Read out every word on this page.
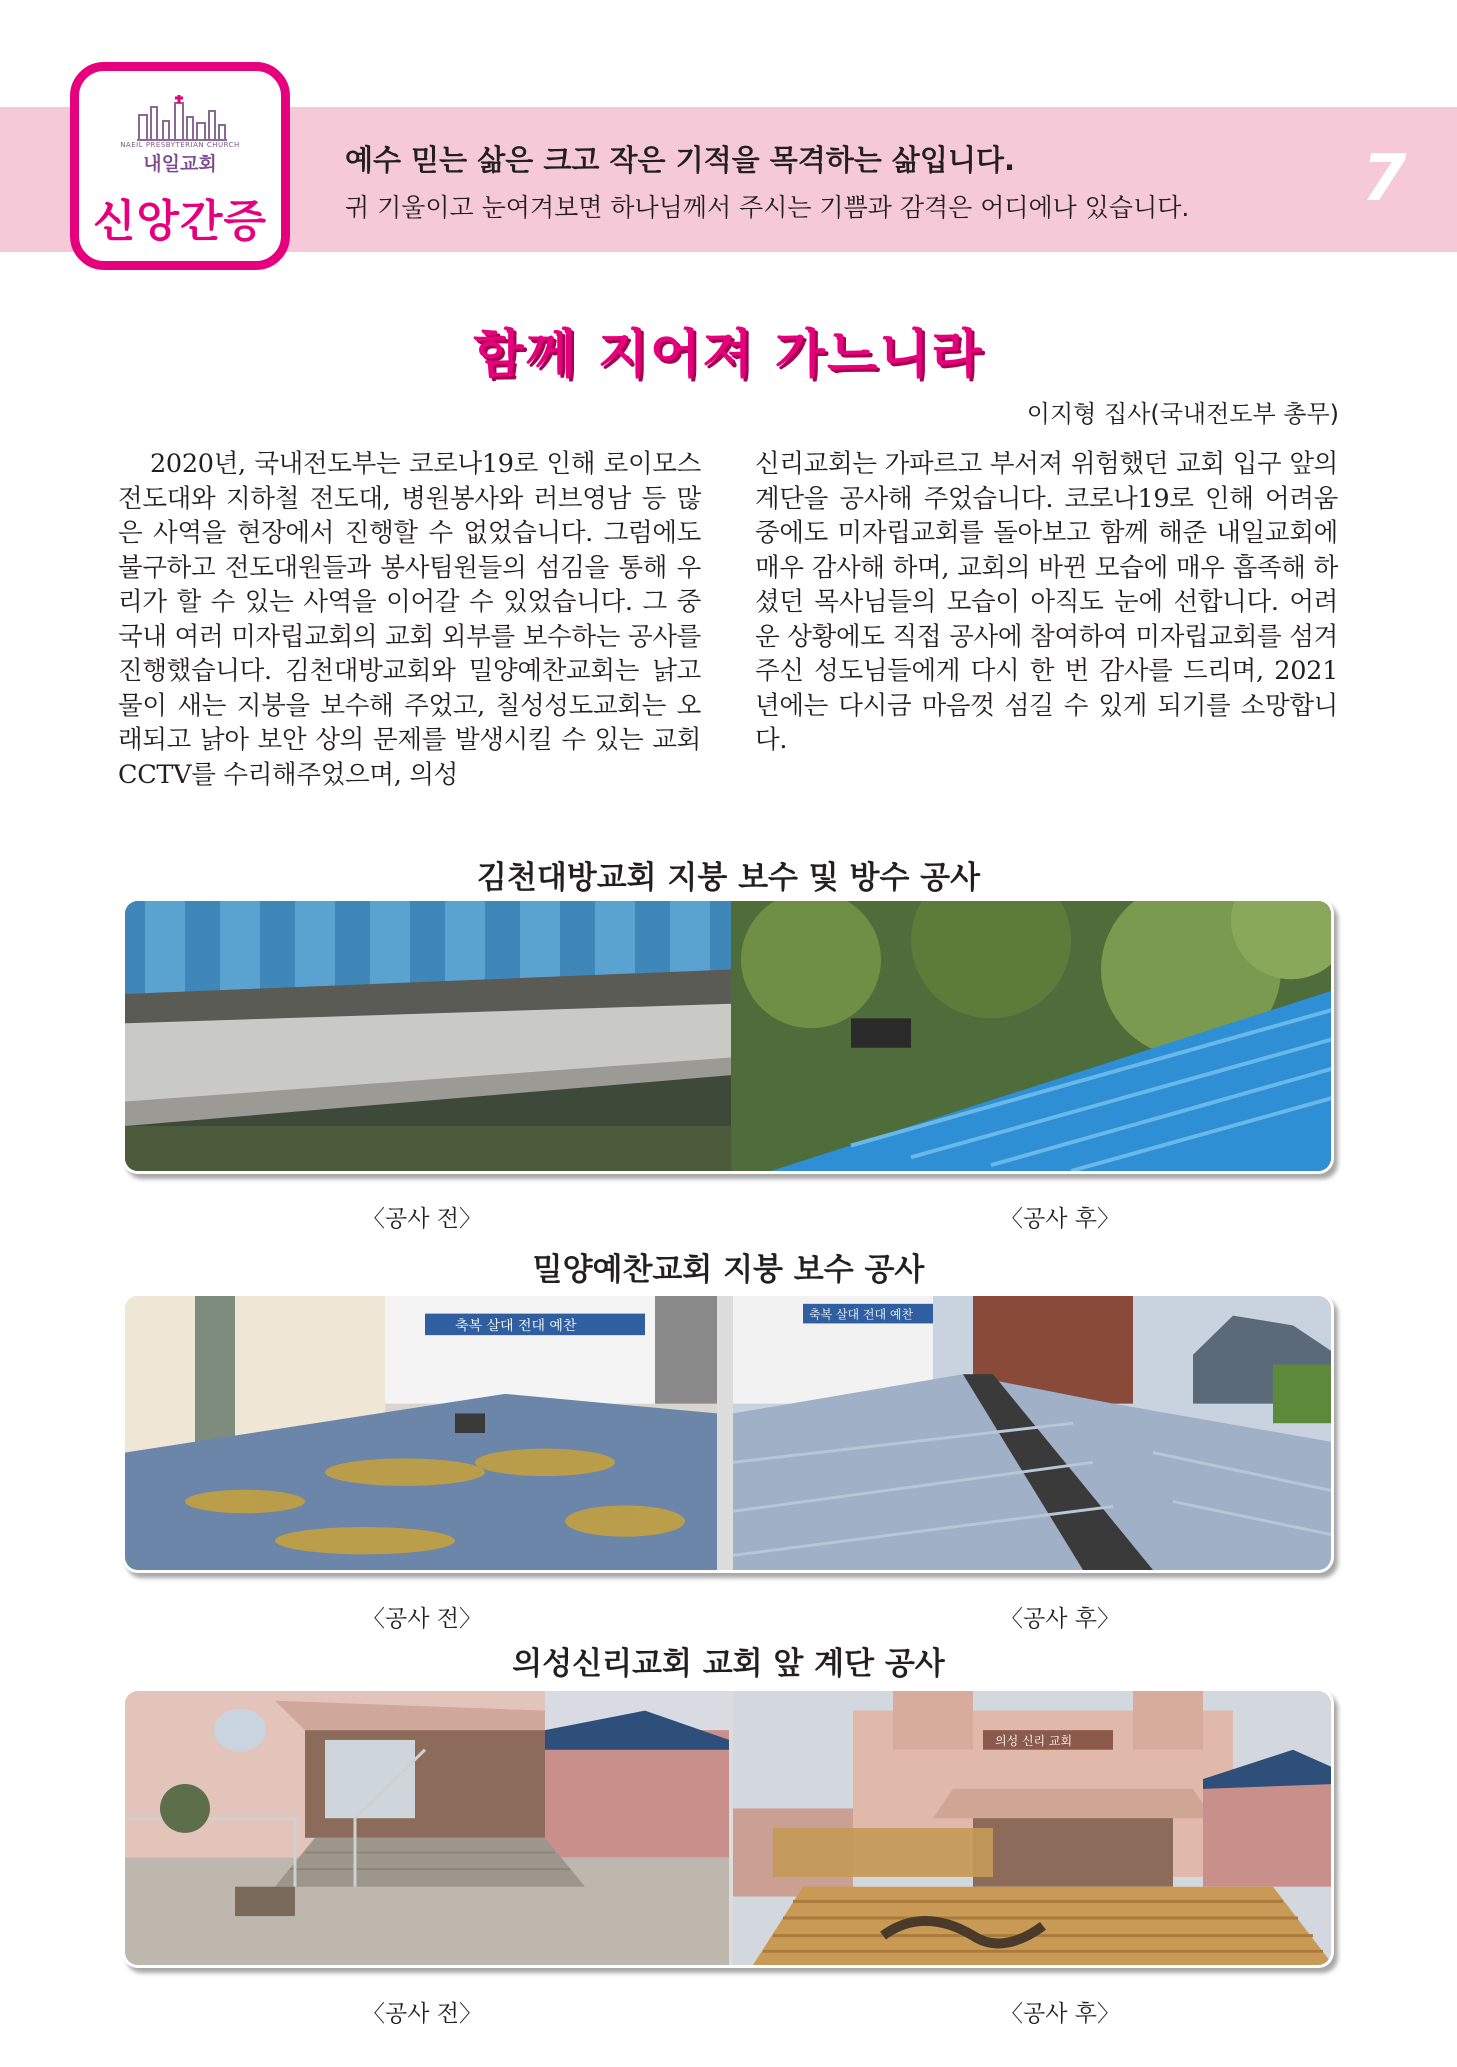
NAEIL PRESBYTERIAN CHURCH
내일교회
신앙간증
예수 믿는 삶은 크고 작은 기적을 목격하는 삶입니다.
귀 기울이고 눈여겨보면 하나님께서 주시는 기쁨과 감격은 어디에나 있습니다.	7
함께 지어져 가느니라
이지형 집사(국내전도부 총무)
2020년, 국내전도부는 코로나19로 인해 로이모스전도대와 지하철 전도대, 병원봉사와 러브영남 등 많은 사역을 현장에서 진행할 수 없었습니다. 그럼에도 불구하고 전도대원들과 봉사팀원들의 섬김을 통해 우리가 할 수 있는 사역을 이어갈 수 있었습니다. 그 중 국내 여러 미자립교회의 교회 외부를 보수하는 공사를 진행했습니다. 김천대방교회와 밀양예찬교회는 낡고 물이 새는 지붕을 보수해 주었고, 칠성성도교회는 오래되고 낡아 보안 상의 문제를 발생시킬 수 있는 교회 CCTV를 수리해주었으며, 의성
신리교회는 가파르고 부서져 위험했던 교회 입구 앞의 계단을 공사해 주었습니다. 코로나19로 인해 어려움 중에도 미자립교회를 돌아보고 함께 해준 내일교회에 매우 감사해 하며, 교회의 바뀐 모습에 매우 흡족해 하셨던 목사님들의 모습이 아직도 눈에 선합니다. 어려운 상황에도 직접 공사에 참여하여 미자립교회를 섬겨 주신 성도님들에게 다시 한 번 감사를 드리며, 2021년에는 다시금 마음껏 섬길 수 있게 되기를 소망합니다.
김천대방교회 지붕 보수 및 방수 공사
〈공사 전〉	〈공사 후〉
밀양예찬교회 지붕 보수 공사
축복 살대 전대 예찬
축복 살대 전대 예찬
〈공사 전〉	〈공사 후〉
의성신리교회 교회 앞 계단 공사
의성 신리 교회
〈공사 전〉	〈공사 후〉
